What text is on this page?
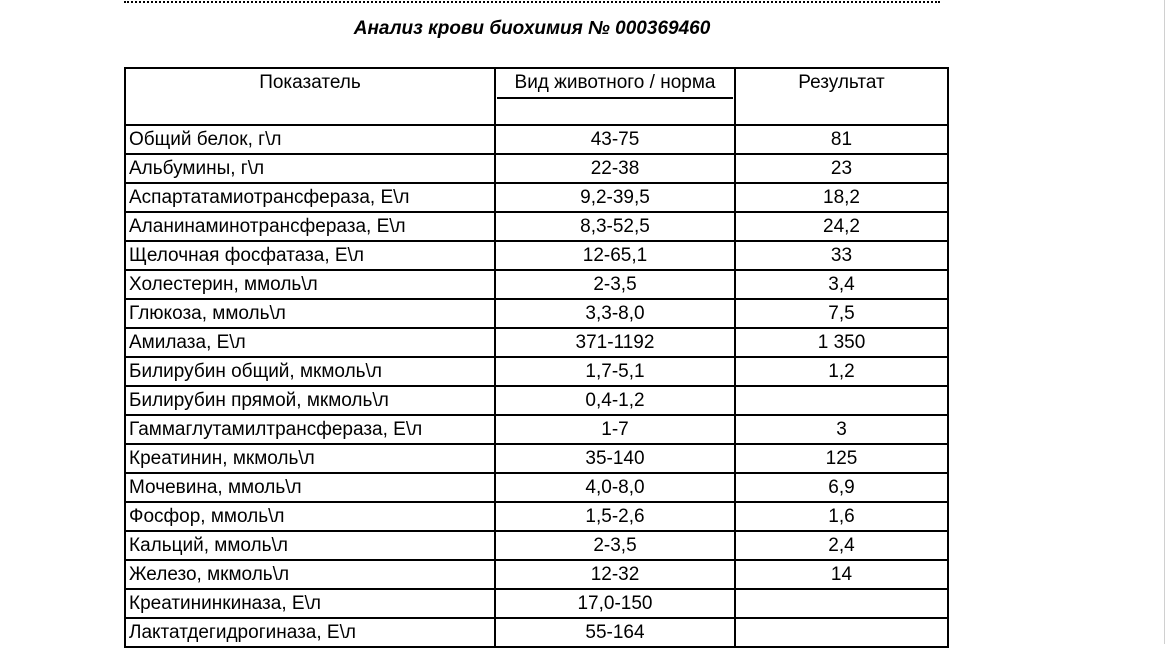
Анализ крови биохимия № 000369460
Показатель	Вид животного / норма	Результат
Общий белок, г\л	43-75	81
Альбумины, г\л	22-38	23
Аспартатамиотрансфераза, Е\л	9,2-39,5	18,2
Аланинаминотрансфераза, Е\л	8,3-52,5	24,2
Щелочная фосфатаза, Е\л	12-65,1	33
Холестерин, ммоль\л	2-3,5	3,4
Глюкоза, ммоль\л	3,3-8,0	7,5
Амилаза, Е\л	371-1192	1 350
Билирубин общий, мкмоль\л	1,7-5,1	1,2
Билирубин прямой, мкмоль\л	0,4-1,2	
Гаммаглутамилтрансфераза, Е\л	1-7	3
Креатинин, мкмоль\л	35-140	125
Мочевина, ммоль\л	4,0-8,0	6,9
Фосфор, ммоль\л	1,5-2,6	1,6
Кальций, ммоль\л	2-3,5	2,4
Железо, мкмоль\л	12-32	14
Креатининкиназа, Е\л	17,0-150	
Лактатдегидрогиназа, Е\л	55-164	
